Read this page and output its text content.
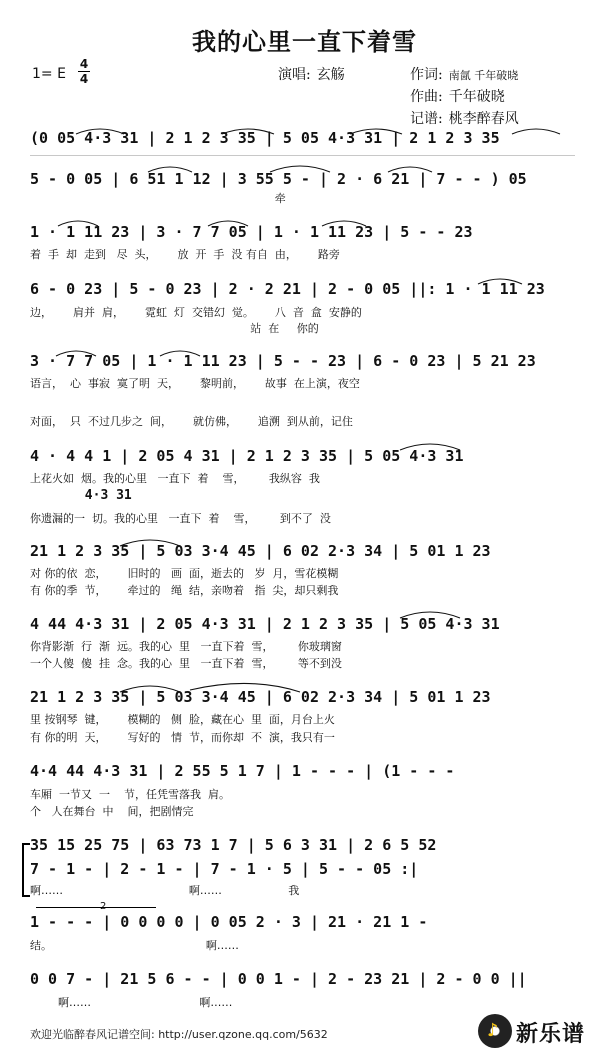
我的心里一直下着雪
1= E
4
4	演唱: 玄觞	作词: 南氤 千年破晓
作曲: 千年破晓
记谱: 桃李醉春风
(0 05 4·3 31 | 2 1 2 3 35 | 5 05 4·3 31 | 2 1 2 3 35
5 - 0 05 | 6 51 1 12 | 3 55 5 - | 2 · 6 21 | 7 - - ) 05
牵
1 · 1 11 23 | 3 · 7 7 05 | 1 · 1 11 23 | 5 - - 23
着  手  却  走到   尽  头，      放  开  手  没 有自  由，      路旁
6 - 0 23 | 5 - 0 23 | 2 · 2 21 | 2 - 0 05 ||: 1 · 1 11 23
边，      肩并  肩，      霓虹  灯  交错幻  觉。      八  音  盒  安静的
站  在     你的
3 · 7 7 05 | 1 · 1 11 23 | 5 - - 23 | 6 - 0 23 | 5 21 23
语言，  心  事寂  寞了明  天，      黎明前，      故事  在上演，夜空
对面，  只  不过几步之  间，      就仿佛，      追溯  到从前，记住
4 · 4 4 1 | 2 05 4 31 | 2 1 2 3 35 | 5 05 4·3 31
上花火如  烟。我的心里   一直下  着    雪，       我纵容  我
4·3 31
你遗漏的一  切。我的心里   一直下  着    雪，       到不了  没
21 1 2 3 35 | 5 03 3·4 45 | 6 02 2·3 34 | 5 01 1 23
对 你的依  恋，      旧时的   画  面，逝去的   岁  月，雪花模糊
有 你的季  节，      牵过的   绳  结，亲吻着   指  尖，却只剩我
4 44 4·3 31 | 2 05 4·3 31 | 2 1 2 3 35 | 5 05 4·3 31
你背影渐  行  渐  远。我的心  里   一直下着  雪，       你玻璃窗
一个人傻  傻  挂  念。我的心  里   一直下着  雪，       等不到没
21 1 2 3 35 | 5 03 3·4 45 | 6 02 2·3 34 | 5 01 1 23
里 按钢琴  键，      模糊的   侧  脸，藏在心  里  面，月台上火
有 你的明  天，      写好的   情  节，而你却  不  演，我只有一
4·4 44 4·3 31 | 2 55 5 1 7 | 1 - - - | (1 - - -
车厢  一节又  一    节，任凭雪落我  肩。
个   人在舞台  中    间，把剧情完
35 15 25 75 | 63 73 1 7 | 5 6 3 31 | 2 6 5 52
7 - 1 - | 2 - 1 - | 7 - 1 · 5 | 5 - - 05 :|
啊……                                    啊……                   我
2
1 - - - | 0 0 0 0 | 0 05 2 · 3 | 21 · 21 1 -
结。                                            啊……
0 0 7 - | 21 5 6 - - | 0 0 1 - | 2 - 23 21 | 2 - 0 0 ||
啊……                               啊……
欢迎光临醉春风记谱空间: http://user.qzone.qq.com/5632	♪ 新乐谱
